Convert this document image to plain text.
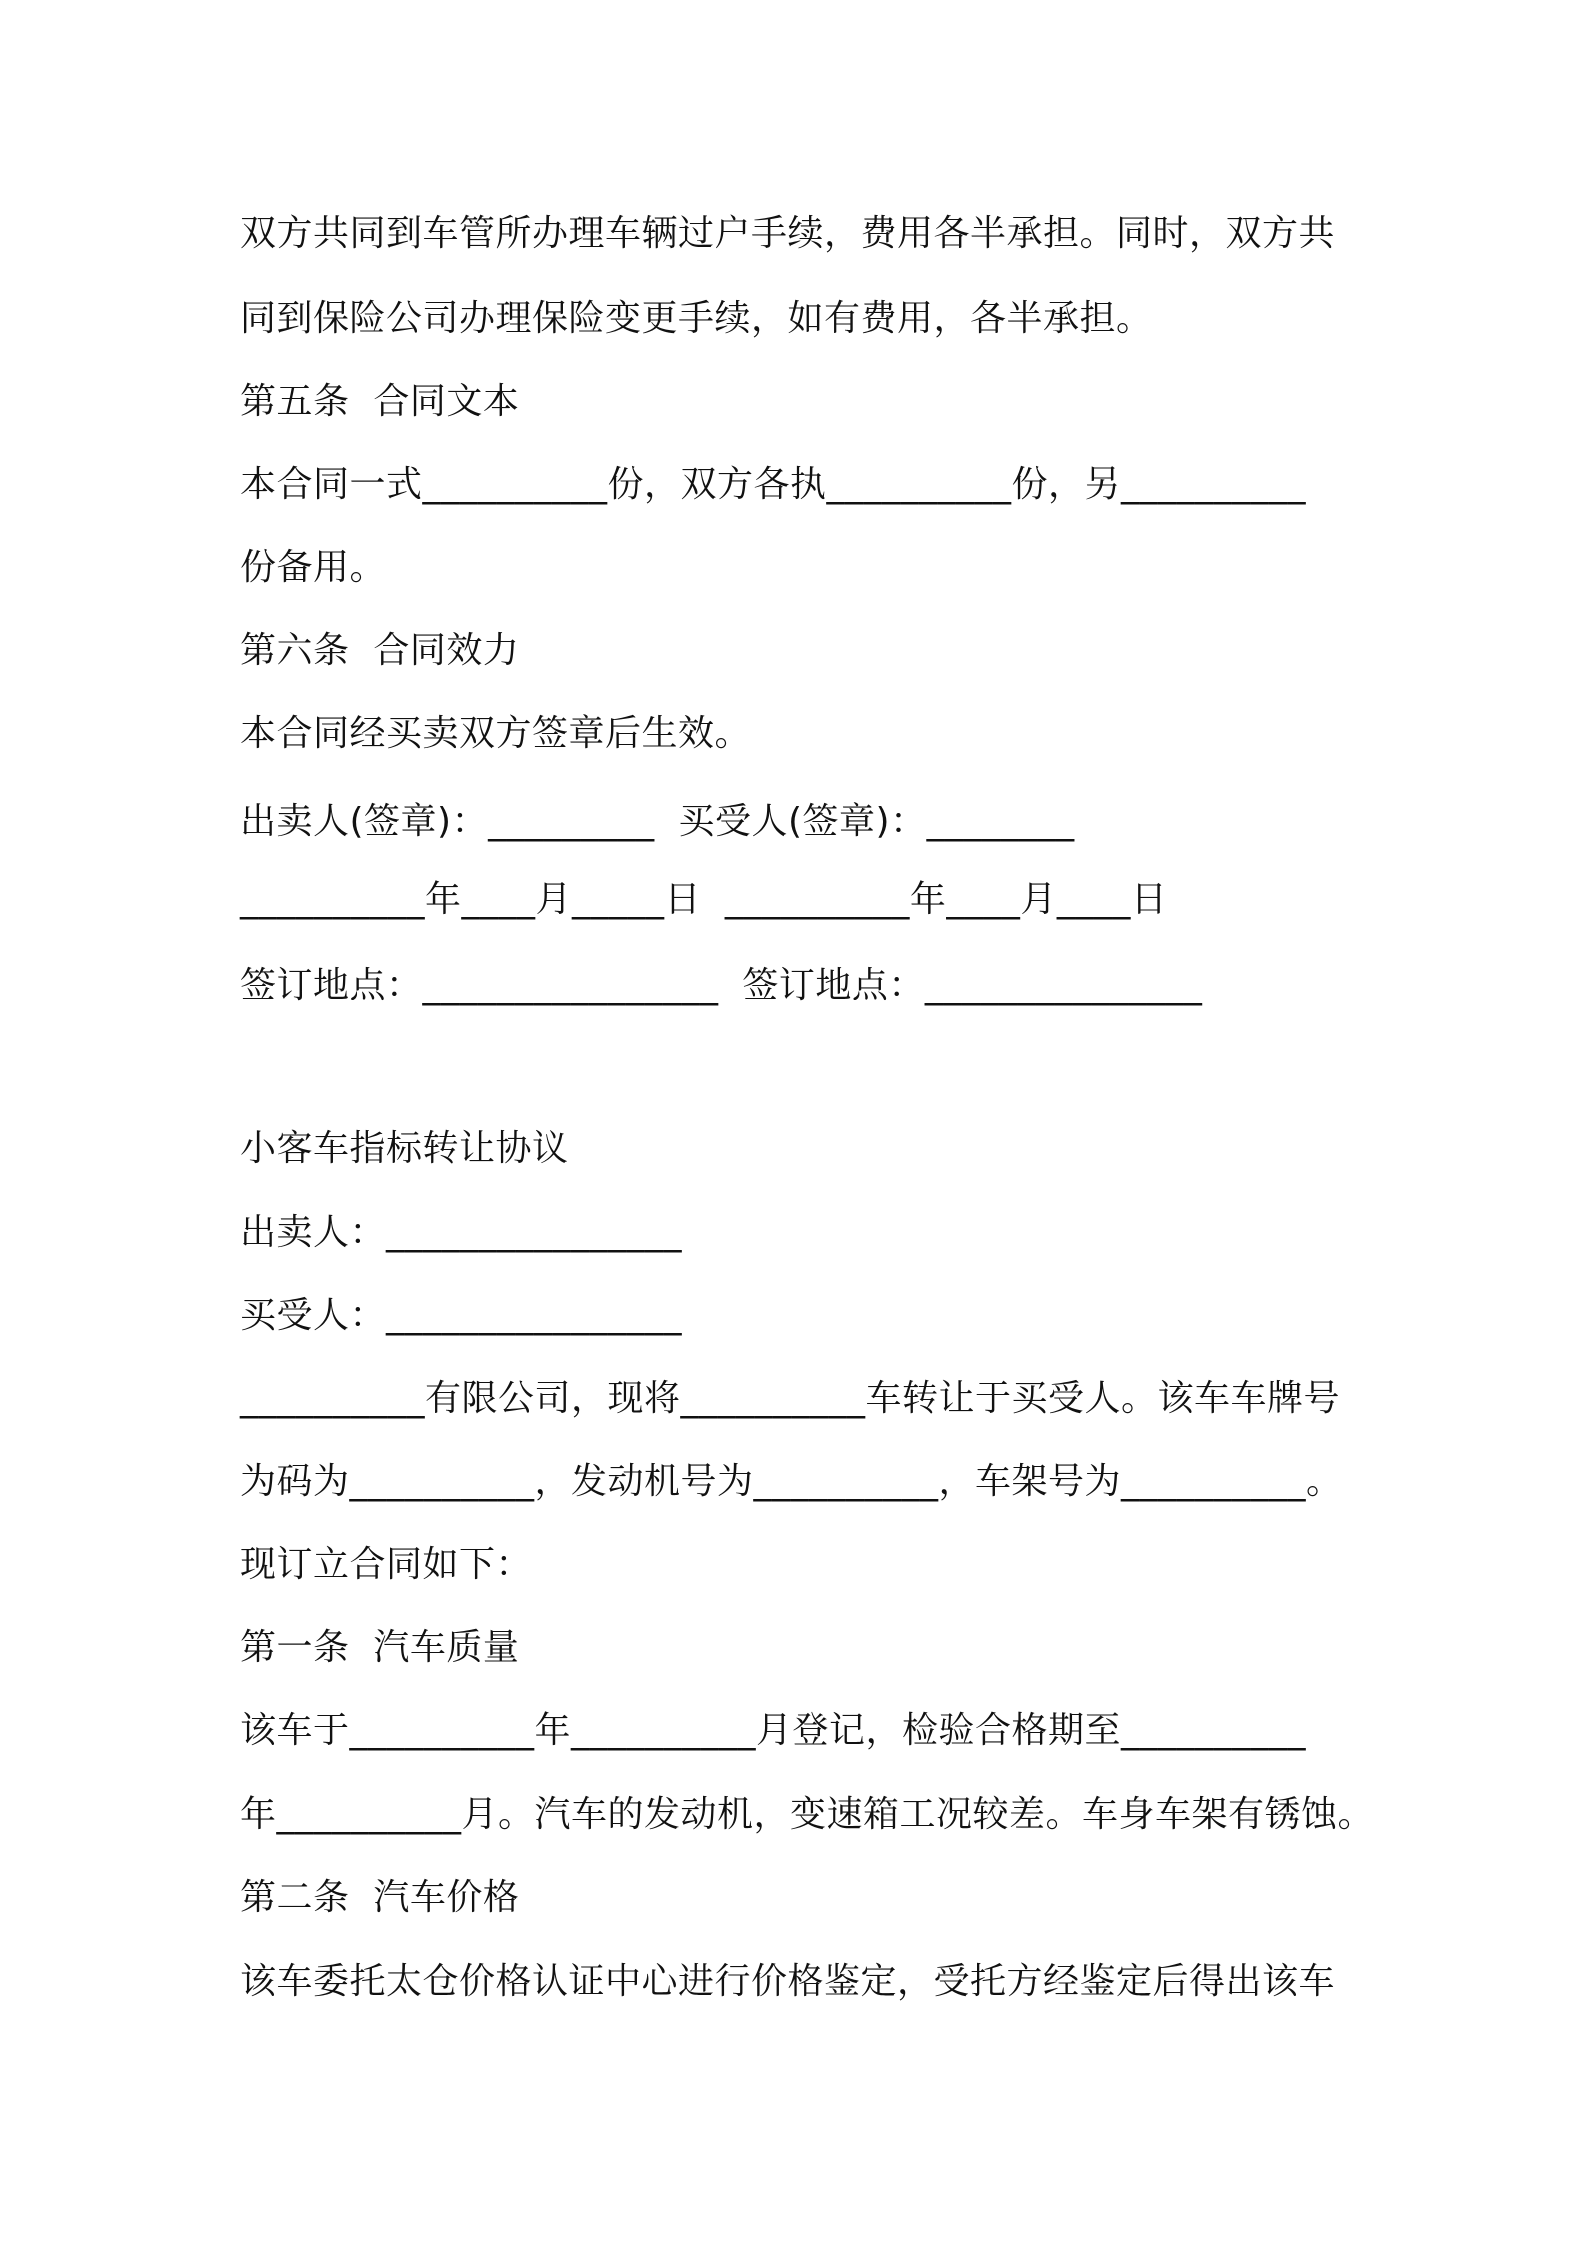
双方共同到车管所办理车辆过户手续，费用各半承担。同时，双方共
同到保险公司办理保险变更手续，如有费用，各半承担。
第五条  合同文本
本合同一式__________份，双方各执__________份，另__________
份备用。
第六条  合同效力
本合同经买卖双方签章后生效。
出卖人(签章)：_________  买受人(签章)：________
__________年____月_____日  __________年____月____日
签订地点：________________  签订地点：_______________
小客车指标转让协议
出卖人：________________
买受人：________________
__________有限公司，现将__________车转让于买受人。该车车牌号
为码为__________，发动机号为__________，车架号为__________。
现订立合同如下：
第一条  汽车质量
该车于__________年__________月登记，检验合格期至__________
年__________月。汽车的发动机，变速箱工况较差。车身车架有锈蚀。
第二条  汽车价格
该车委托太仓价格认证中心进行价格鉴定，受托方经鉴定后得出该车
